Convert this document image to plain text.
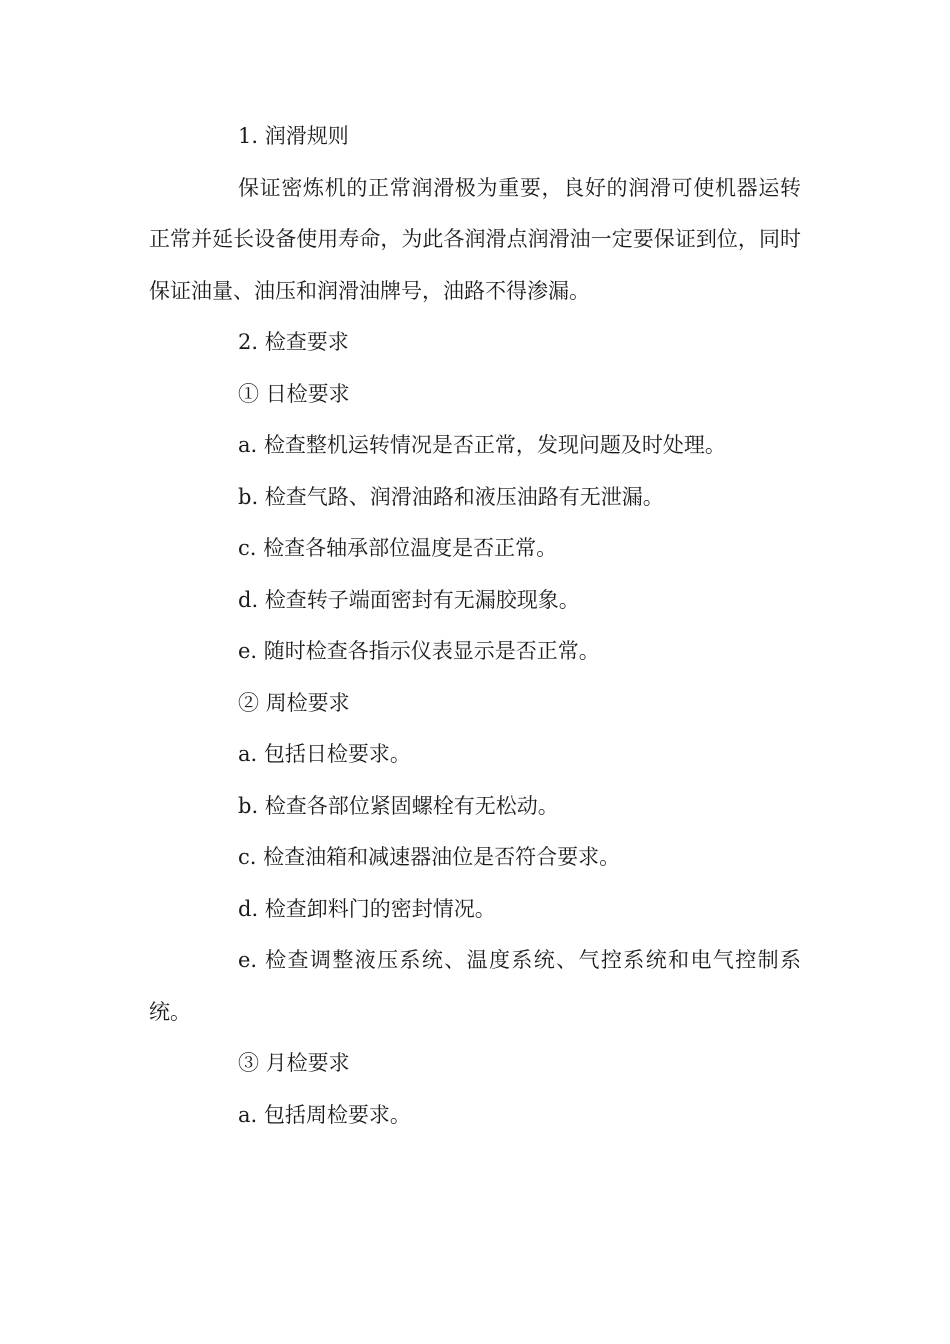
1. 润滑规则

保证密炼机的正常润滑极为重要，良好的润滑可使机器运转正常并延长设备使用寿命，为此各润滑点润滑油一定要保证到位，同时保证油量、油压和润滑油牌号，油路不得渗漏。

2. 检查要求

① 日检要求

a. 检查整机运转情况是否正常，发现问题及时处理。

b. 检查气路、润滑油路和液压油路有无泄漏。

c. 检查各轴承部位温度是否正常。

d. 检查转子端面密封有无漏胶现象。

e. 随时检查各指示仪表显示是否正常。

② 周检要求

a. 包括日检要求。

b. 检查各部位紧固螺栓有无松动。

c. 检查油箱和减速器油位是否符合要求。

d. 检查卸料门的密封情况。

e. 检查调整液压系统、温度系统、气控系统和电气控制系统。

③ 月检要求

a. 包括周检要求。
